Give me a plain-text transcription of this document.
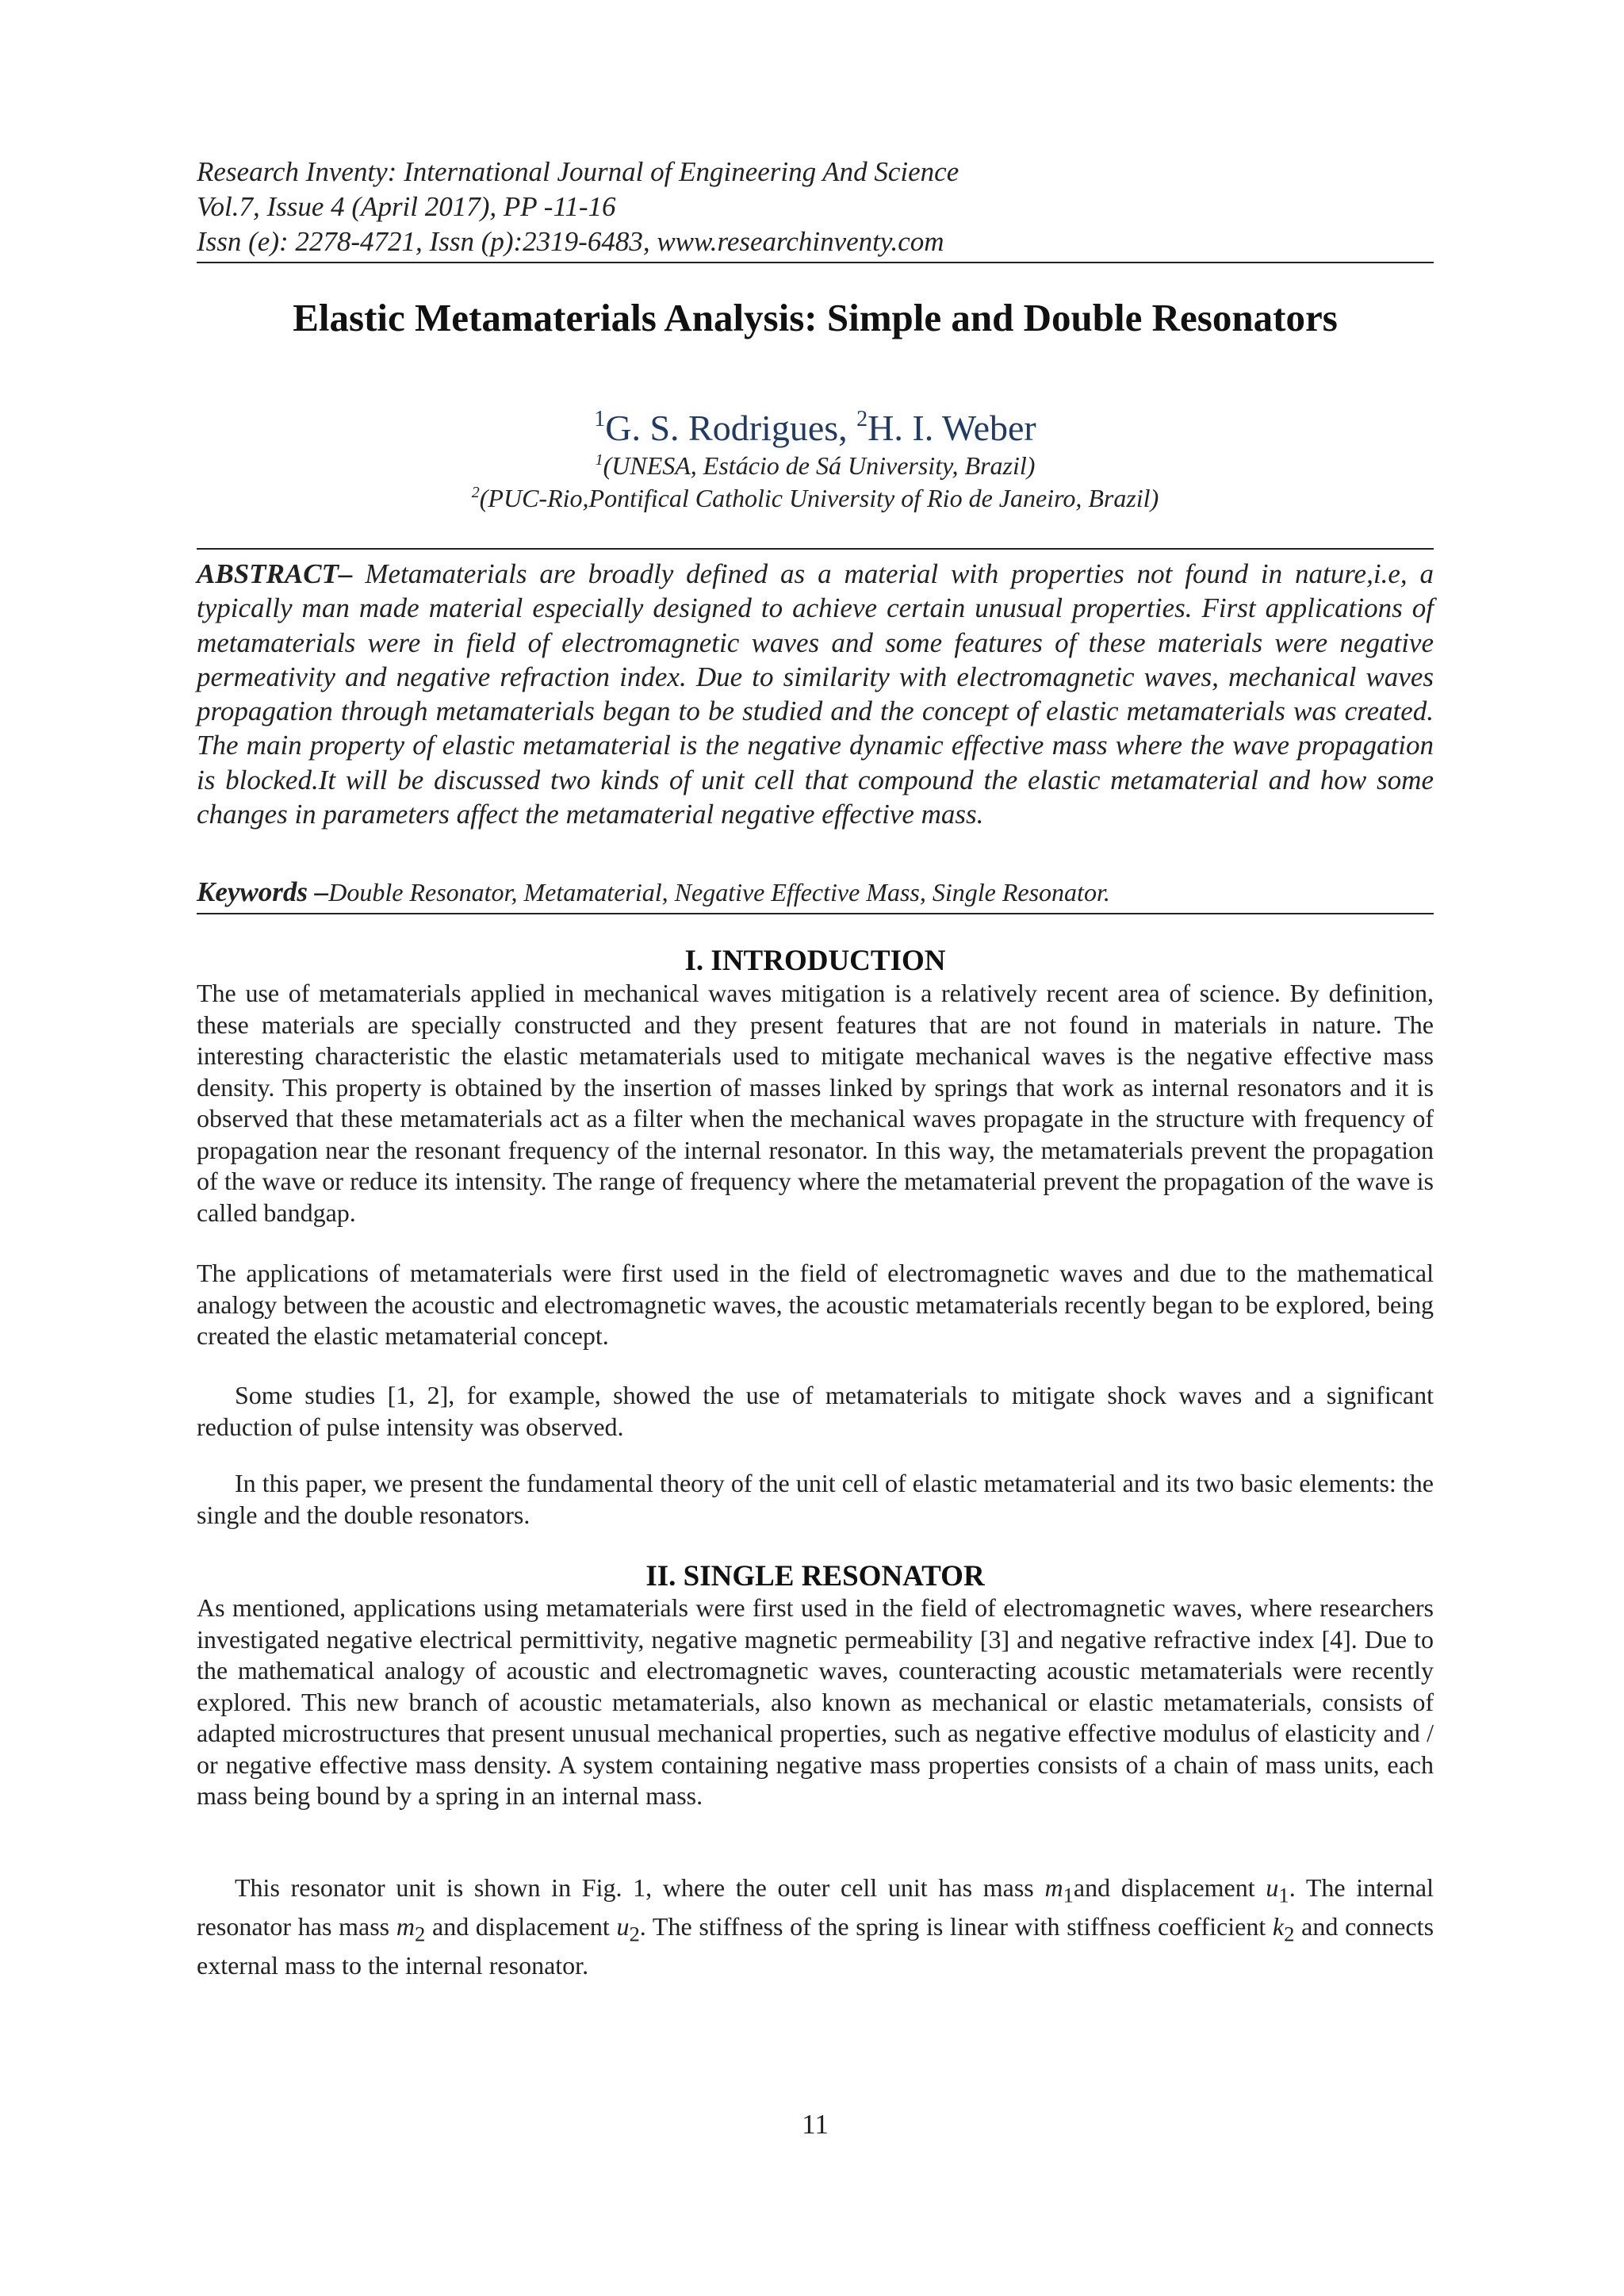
Research Inventy: International Journal of Engineering And Science
Vol.7, Issue 4 (April 2017), PP -11-16
Issn (e): 2278-4721, Issn (p):2319-6483, www.researchinventy.com
Elastic Metamaterials Analysis: Simple and Double Resonators
$^1$G. S. Rodrigues, $^2$H. I. Weber
$^1$(UNESA, Estácio de Sá University, Brazil)
$^2$(PUC-Rio,Pontifical Catholic University of Rio de Janeiro, Brazil)
ABSTRACT– Metamaterials are broadly defined as a material with properties not found in nature,i.e, a typically man made material especially designed to achieve certain unusual properties. First applications of metamaterials were in field of electromagnetic waves and some features of these materials were negative permeativity and negative refraction index. Due to similarity with electromagnetic waves, mechanical waves propagation through metamaterials began to be studied and the concept of elastic metamaterials was created. The main property of elastic metamaterial is the negative dynamic effective mass where the wave propagation is blocked.It will be discussed two kinds of unit cell that compound the elastic metamaterial and how some changes in parameters affect the metamaterial negative effective mass.
Keywords –Double Resonator, Metamaterial, Negative Effective Mass, Single Resonator.
I. INTRODUCTION
The use of metamaterials applied in mechanical waves mitigation is a relatively recent area of science. By definition, these materials are specially constructed and they present features that are not found in materials in nature. The interesting characteristic the elastic metamaterials used to mitigate mechanical waves is the negative effective mass density. This property is obtained by the insertion of masses linked by springs that work as internal resonators and it is observed that these metamaterials act as a filter when the mechanical waves propagate in the structure with frequency of propagation near the resonant frequency of the internal resonator. In this way, the metamaterials prevent the propagation of the wave or reduce its intensity. The range of frequency where the metamaterial prevent the propagation of the wave is called bandgap.
The applications of metamaterials were first used in the field of electromagnetic waves and due to the mathematical analogy between the acoustic and electromagnetic waves, the acoustic metamaterials recently began to be explored, being created the elastic metamaterial concept.
Some studies [1, 2], for example, showed the use of metamaterials to mitigate shock waves and a significant reduction of pulse intensity was observed.
In this paper, we present the fundamental theory of the unit cell of elastic metamaterial and its two basic elements: the single and the double resonators.
II. SINGLE RESONATOR
As mentioned, applications using metamaterials were first used in the field of electromagnetic waves, where researchers investigated negative electrical permittivity, negative magnetic permeability [3] and negative refractive index [4]. Due to the mathematical analogy of acoustic and electromagnetic waves, counteracting acoustic metamaterials were recently explored. This new branch of acoustic metamaterials, also known as mechanical or elastic metamaterials, consists of adapted microstructures that present unusual mechanical properties, such as negative effective modulus of elasticity and / or negative effective mass density. A system containing negative mass properties consists of a chain of mass units, each mass being bound by a spring in an internal mass.
This resonator unit is shown in Fig. 1, where the outer cell unit has mass $m_1and$ displacement $u_1$. The internal resonator has mass $m_2$ and displacement $u_2$. The stiffness of the spring is linear with stiffness coefficient $k_2$ and connects external mass to the internal resonator.
11
